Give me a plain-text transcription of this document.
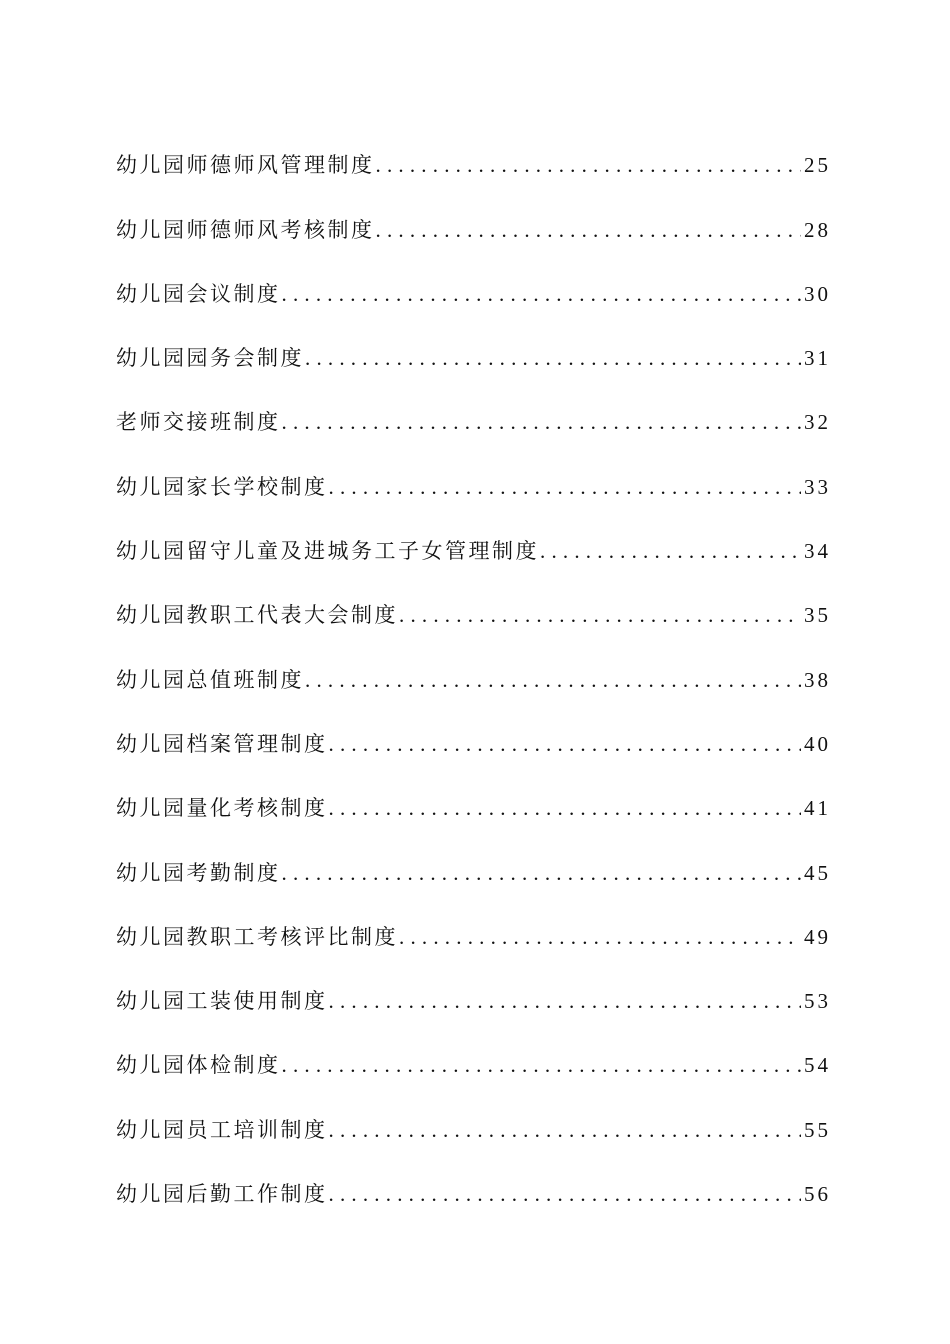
幼儿园师德师风管理制度 .....	25
幼儿园师德师风考核制度 .....	28
幼儿园会议制度 .....	30
幼儿园园务会制度 .....	31
老师交接班制度 .....	32
幼儿园家长学校制度 .....	33
幼儿园留守儿童及进城务工子女管理制度 .....	34
幼儿园教职工代表大会制度 .....	35
幼儿园总值班制度 .....	38
幼儿园档案管理制度 .....	40
幼儿园量化考核制度 .....	41
幼儿园考勤制度 .....	45
幼儿园教职工考核评比制度 .....	49
幼儿园工装使用制度 .....	53
幼儿园体检制度 .....	54
幼儿园员工培训制度 .....	55
幼儿园后勤工作制度 .....	56
